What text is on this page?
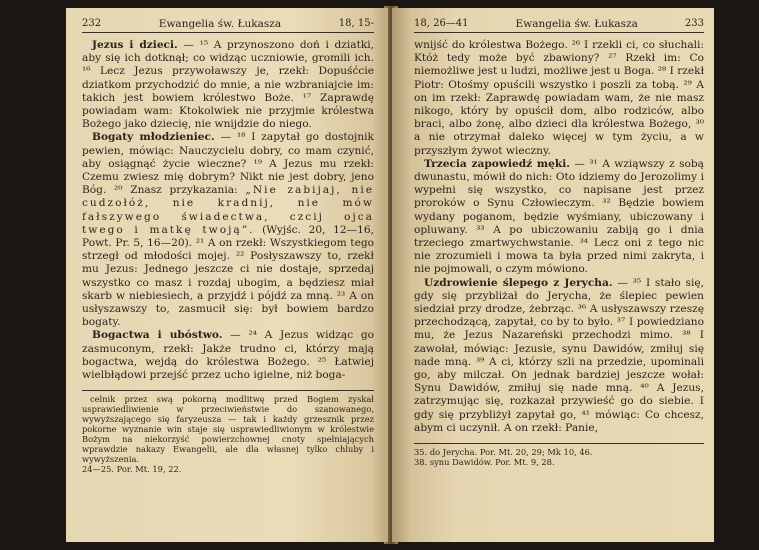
232	Ewangelia św. Łukasza	18, 15-

Jezus i dzieci. — ¹⁵ A przynoszono doń i dziatki, aby się ich dotknął; co widząc uczniowie, gromili ich. ¹⁶ Lecz Jezus przywoławszy je, rzekł: Dopuśćcie dziatkom przychodzić do mnie, a nie wzbraniajcie im: takich jest bowiem królestwo Boże. ¹⁷ Zaprawdę powiadam wam: Ktokolwiek nie przyjmie królestwa Bożego jako dziecię, nie wnijdzie do niego.

Bogaty młodzieniec. — ¹⁸ I zapytał go dostojnik pewien, mówiąc: Nauczycielu dobry, co mam czynić, aby osiągnąć życie wieczne? ¹⁹ A Jezus mu rzekł: Czemu zwiesz mię dobrym? Nikt nie jest dobry, jeno Bóg. ²⁰ Znasz przykazania: „Nie zabijaj, nie cudzołóż, nie kradnij, nie mów fałszywego świadectwa, czcij ojca twego i matkę twoją”. (Wyjśc. 20, 12—16, Powt. Pr. 5, 16—20). ²¹ A on rzekł: Wszystkiegom tego strzegł od młodości mojej. ²² Posłyszawszy to, rzekł mu Jezus: Jednego jeszcze ci nie dostaje, sprzedaj wszystko co masz i rozdaj ubogim, a będziesz miał skarb w niebiesiech, a przyjdź i pójdź za mną. ²³ A on usłyszawszy to, zasmucił się: był bowiem bardzo bogaty.

Bogactwa i ubóstwo. — ²⁴ A Jezus widząc go zasmuconym, rzekł: Jakże trudno ci, którzy mają bogactwa, wejdą do królestwa Bożego. ²⁵ Łatwiej wielbłądowi przejść przez ucho igielne, niż boga-

celnik przez swą pokorną modlitwę przed Bogiem zyskał usprawiedliwienie w przeciwieństwie do szanowanego, wywyższającego się faryzeusza — tak i każdy grzesznik przez pokorne wyznanie win staje się usprawiedliwionym w królestwie Bożym na niekorzyść powierzchownej cnoty spełniających wprawdzie nakazy Ewangelii, ale dla własnej tylko chluby i wywyższenia.

24—25. Por. Mt. 19, 22.

18, 26—41	Ewangelia św. Łukasza	233

wnijść do królestwa Bożego. ²⁶ I rzekli ci, co słuchali: Któż tedy może być zbawiony? ²⁷ Rzekł im: Co niemożliwe jest u ludzi, możliwe jest u Boga. ²⁸ I rzekł Piotr: Otośmy opuścili wszystko i poszli za tobą. ²⁹ A on im rzekł: Zaprawdę powiadam wam, że nie masz nikogo, który by opuścił dom, albo rodziców, albo braci, albo żonę, albo dzieci dla królestwa Bożego, ³⁰ a nie otrzymał daleko więcej w tym życiu, a w przyszłym żywot wieczny.

Trzecia zapowiedź męki. — ³¹ A wziąwszy z sobą dwunastu, mówił do nich: Oto idziemy do Jerozolimy i wypełni się wszystko, co napisane jest przez proroków o Synu Człowieczym. ³² Będzie bowiem wydany poganom, będzie wyśmiany, ubiczowany i opluwany. ³³ A po ubiczowaniu zabiją go i dnia trzeciego zmartwychwstanie. ³⁴ Lecz oni z tego nic nie zrozumieli i mowa ta była przed nimi zakryta, i nie pojmowali, o czym mówiono.

Uzdrowienie ślepego z Jerycha. — ³⁵ I stało się, gdy się przybliżał do Jerycha, że ślepiec pewien siedział przy drodze, żebrząc. ³⁶ A usłyszawszy rzeszę przechodzącą, zapytał, co by to było. ³⁷ I powiedziano mu, że Jezus Nazareński przechodzi mimo. ³⁸ I zawołał, mówiąc: Jezusie, synu Dawidów, zmiłuj się nade mną. ³⁹ A ci, którzy szli na przedzie, upominali go, aby milczał. On jednak bardziej jeszcze wołał: Synu Dawidów, zmiłuj się nade mną. ⁴⁰ A Jezus, zatrzymując się, rozkazał przywieść go do siebie. I gdy się przybliżył zapytał go, ⁴¹ mówiąc: Co chcesz, abym ci uczynił. A on rzekł: Panie,

35. do Jerycha. Por. Mt. 20, 29; Mk 10, 46.

38. synu Dawidów. Por. Mt. 9, 28.
